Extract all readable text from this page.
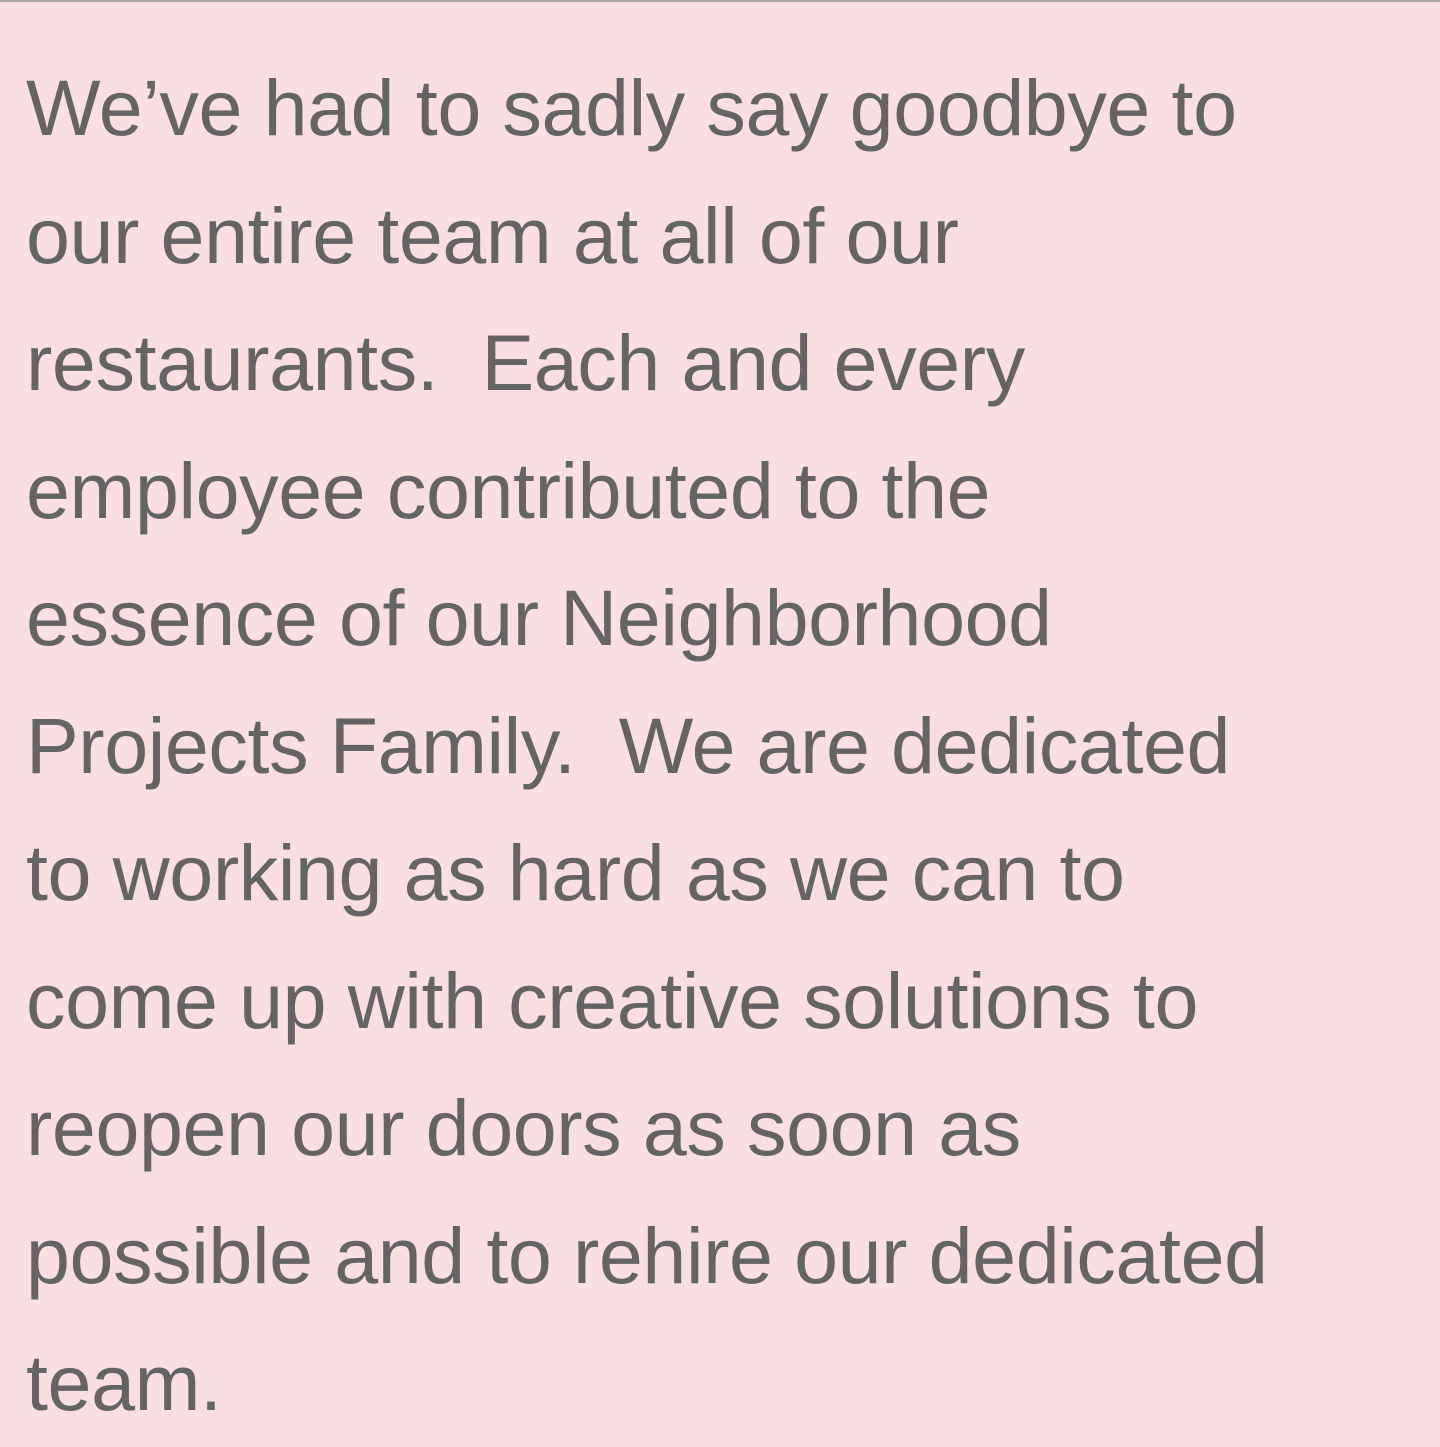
We’ve had to sadly say goodbye to
our entire team at all of our
restaurants.  Each and every
employee contributed to the
essence of our Neighborhood
Projects Family.  We are dedicated
to working as hard as we can to
come up with creative solutions to
reopen our doors as soon as
possible and to rehire our dedicated
team.
